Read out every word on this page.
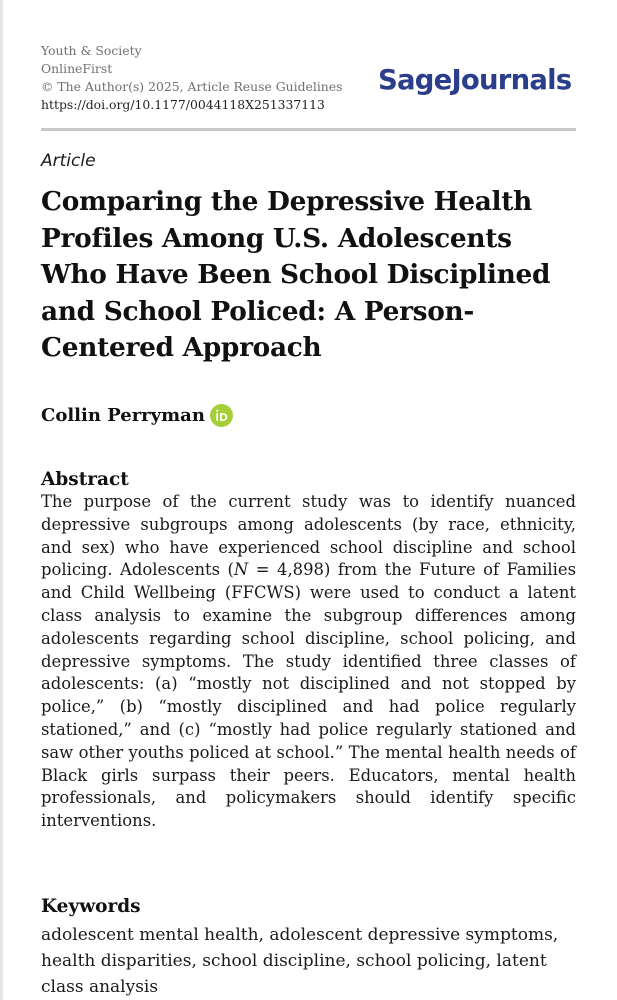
Youth & Society
OnlineFirst
© The Author(s) 2025, Article Reuse Guidelines
https://doi.org/10.1177/0044118X251337113
SageJournals
Article
Comparing the Depressive Health Profiles Among U.S. Adolescents Who Have Been School Disciplined and School Policed: A Person-Centered Approach
Collin Perryman
Abstract

The purpose of the current study was to identify nuanced depressive subgroups among adolescents (by race, ethnicity, and sex) who have experienced school discipline and school policing. Adolescents (N = 4,898) from the Future of Families and Child Wellbeing (FFCWS) were used to conduct a latent class analysis to examine the subgroup differences among adolescents regarding school discipline, school policing, and depressive symptoms. The study identified three classes of adolescents: (a) “mostly not disciplined and not stopped by police,” (b) “mostly disciplined and had police regularly stationed,” and (c) “mostly had police regularly stationed and saw other youths policed at school.” The mental health needs of Black girls surpass their peers. Educators, mental health professionals, and policymakers should identify specific interventions.

Keywords

adolescent mental health, adolescent depressive symptoms, health disparities, school discipline, school policing, latent class analysis
